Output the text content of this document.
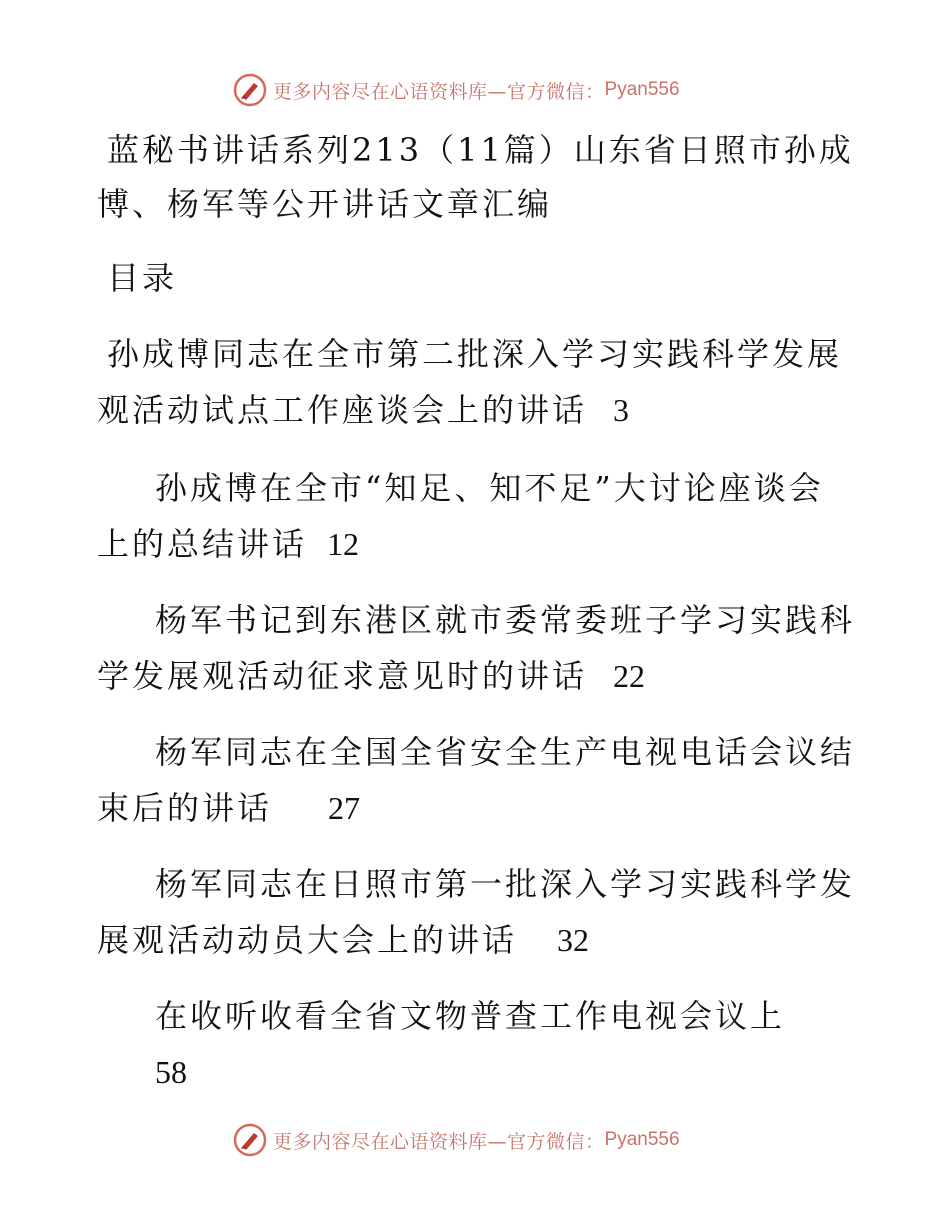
更多内容尽在心语资料库—官方微信： Pyan556
蓝秘书讲话系列213（11篇）山东省日照市孙成
博、杨军等公开讲话文章汇编
目录
孙成博同志在全市第二批深入学习实践科学发展
观活动试点工作座谈会上的讲话 3
孙成博在全市“知足、知不足”大讨论座谈会
上的总结讲话 12
杨军书记到东港区就市委常委班子学习实践科
学发展观活动征求意见时的讲话 22
杨军同志在全国全省安全生产电视电话会议结
束后的讲话 27
杨军同志在日照市第一批深入学习实践科学发
展观活动动员大会上的讲话 32
在收听收看全省文物普查工作电视会议上
58
更多内容尽在心语资料库—官方微信： Pyan556
